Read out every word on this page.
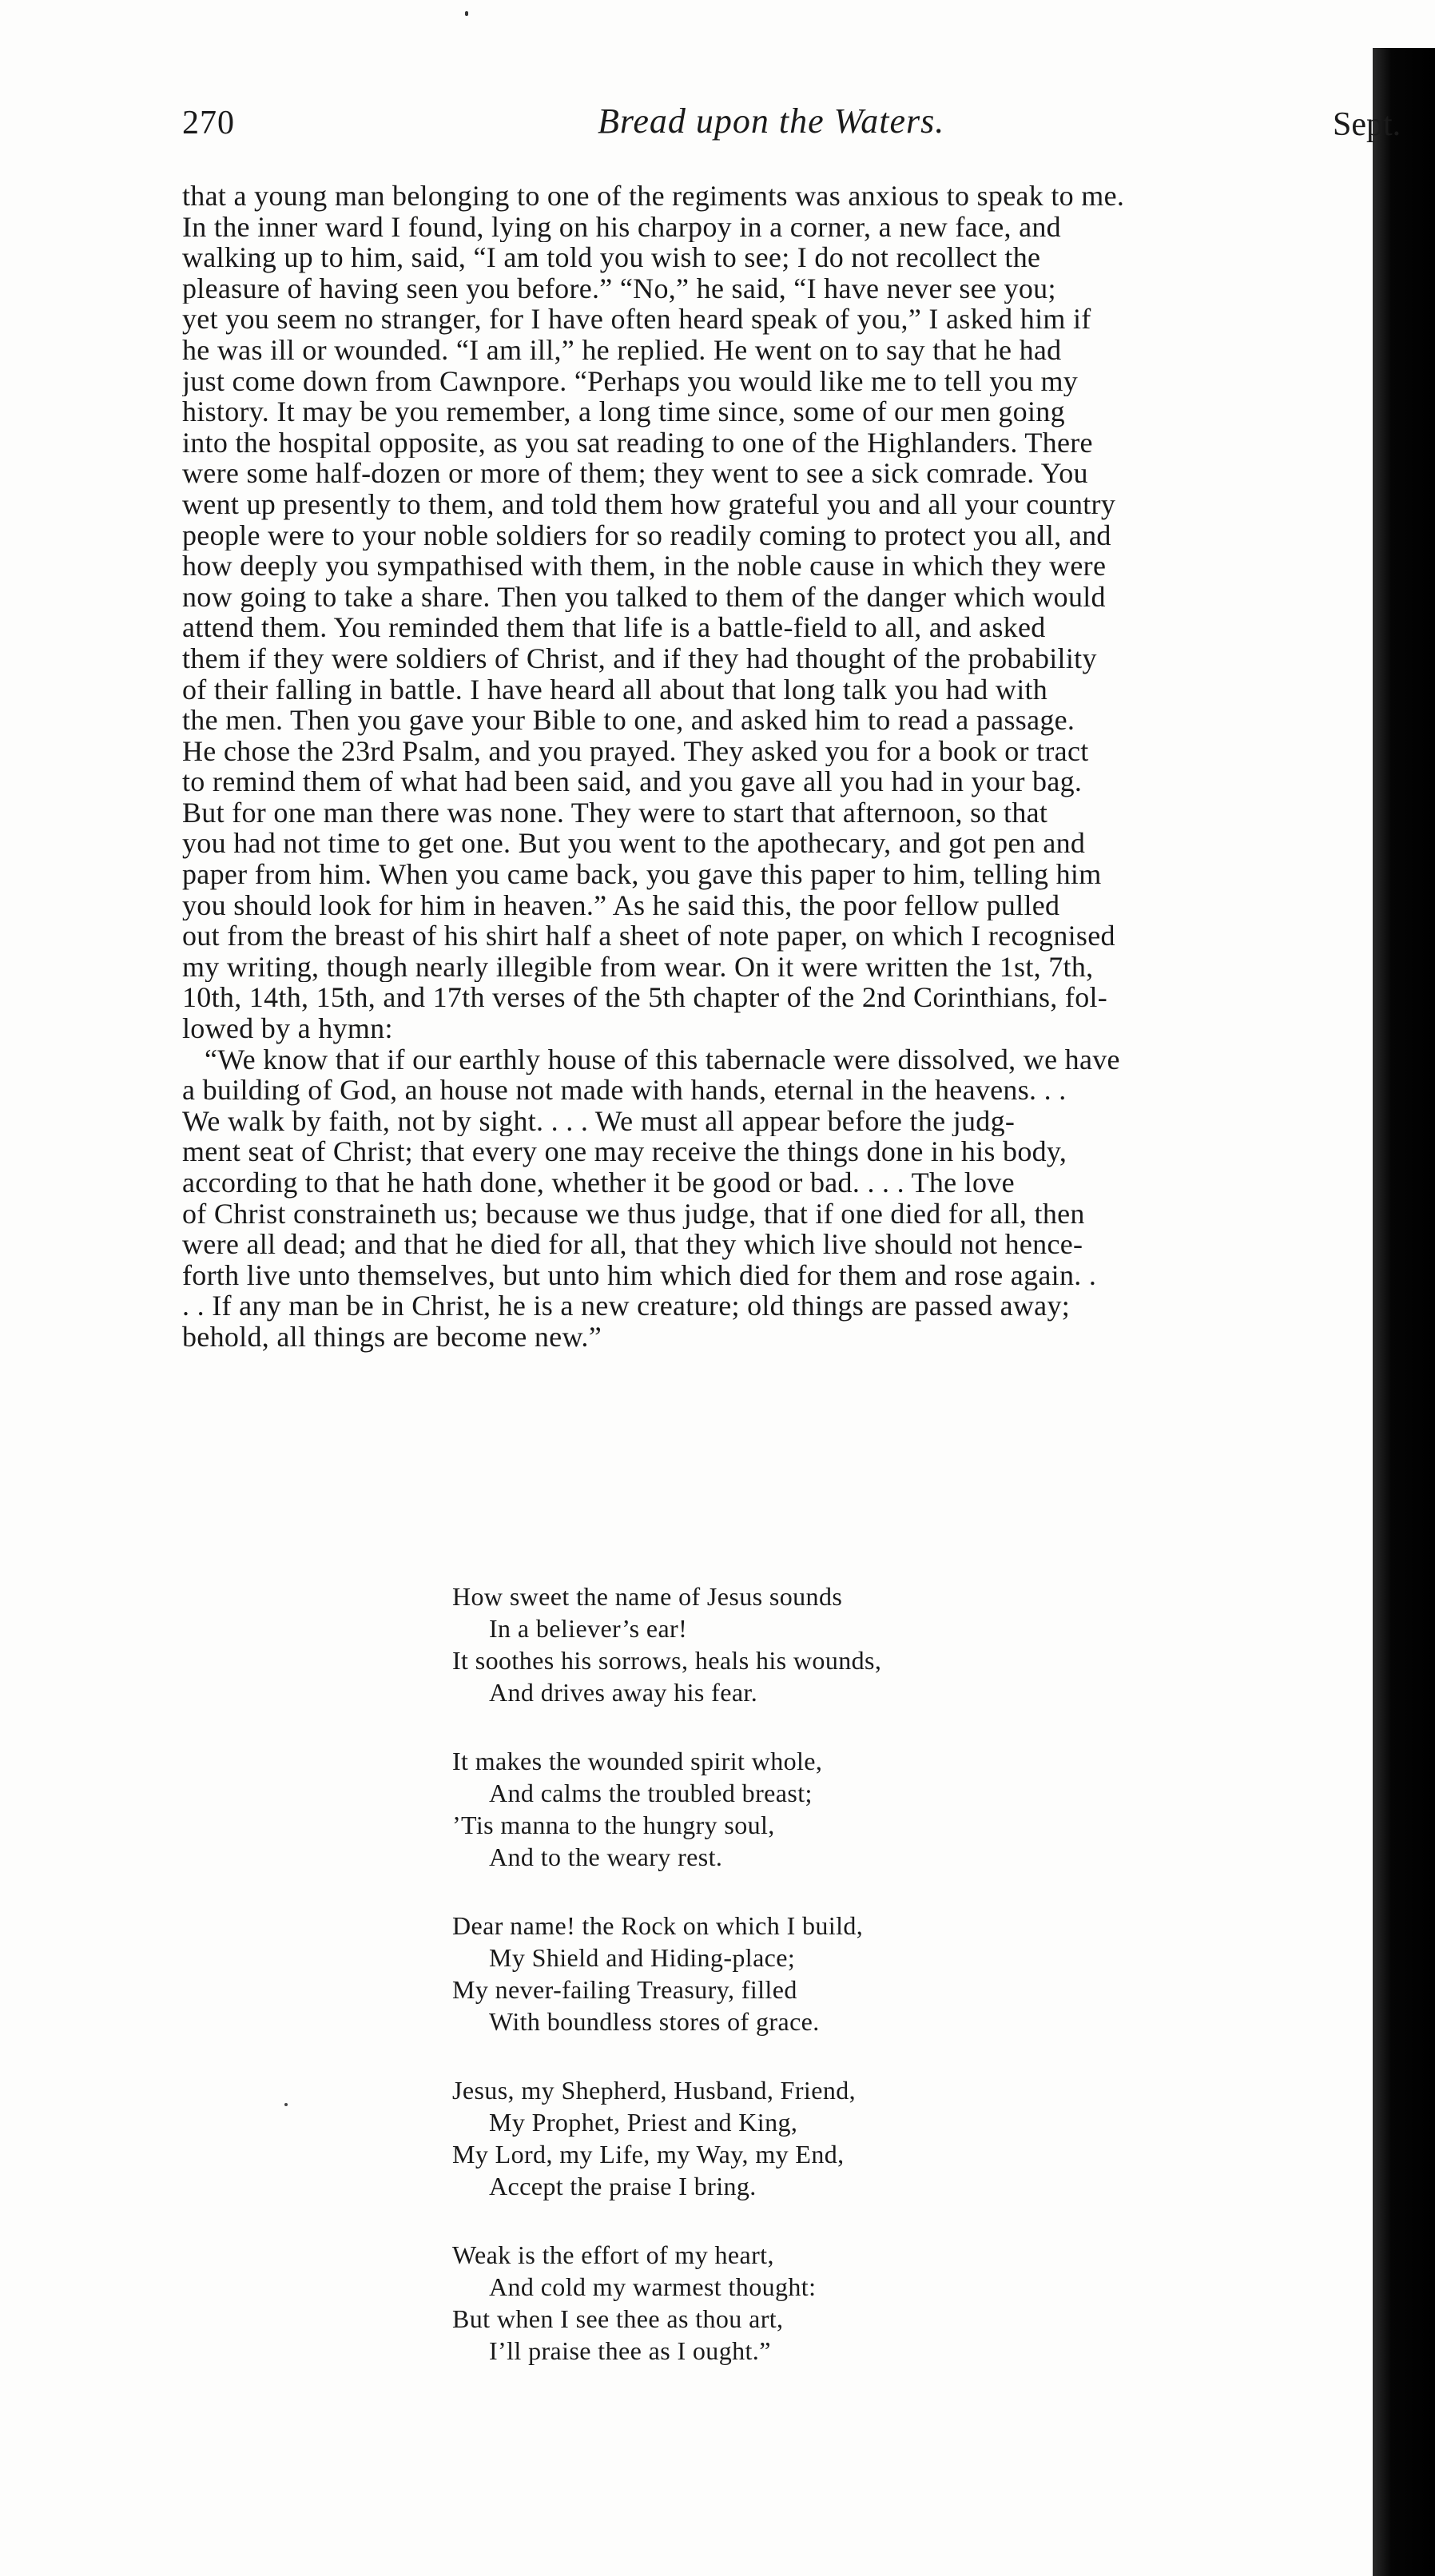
270	Bread upon the Waters.	Sept.
that a young man belonging to one of the regiments was anxious to speak to me.
In the inner ward I found, lying on his charpoy in a corner, a new face, and
walking up to him, said, “I am told you wish to see; I do not recollect the
pleasure of having seen you before.” “No,” he said, “I have never see you;
yet you seem no stranger, for I have often heard speak of you,” I asked him if
he was ill or wounded. “I am ill,” he replied. He went on to say that he had
just come down from Cawnpore. “Perhaps you would like me to tell you my
history. It may be you remember, a long time since, some of our men going
into the hospital opposite, as you sat reading to one of the Highlanders. There
were some half-dozen or more of them; they went to see a sick comrade. You
went up presently to them, and told them how grateful you and all your country
people were to your noble soldiers for so readily coming to protect you all, and
how deeply you sympathised with them, in the noble cause in which they were
now going to take a share. Then you talked to them of the danger which would
attend them. You reminded them that life is a battle-field to all, and asked
them if they were soldiers of Christ, and if they had thought of the probability
of their falling in battle. I have heard all about that long talk you had with
the men. Then you gave your Bible to one, and asked him to read a passage.
He chose the 23rd Psalm, and you prayed. They asked you for a book or tract
to remind them of what had been said, and you gave all you had in your bag.
But for one man there was none. They were to start that afternoon, so that
you had not time to get one. But you went to the apothecary, and got pen and
paper from him. When you came back, you gave this paper to him, telling him
you should look for him in heaven.” As he said this, the poor fellow pulled
out from the breast of his shirt half a sheet of note paper, on which I recognised
my writing, though nearly illegible from wear. On it were written the 1st, 7th,
10th, 14th, 15th, and 17th verses of the 5th chapter of the 2nd Corinthians, fol-
lowed by a hymn:
“We know that if our earthly house of this tabernacle were dissolved, we have
a building of God, an house not made with hands, eternal in the heavens. . .
We walk by faith, not by sight. . . . We must all appear before the judg-
ment seat of Christ; that every one may receive the things done in his body,
according to that he hath done, whether it be good or bad. . . . The love
of Christ constraineth us; because we thus judge, that if one died for all, then
were all dead; and that he died for all, that they which live should not hence-
forth live unto themselves, but unto him which died for them and rose again. .
. . If any man be in Christ, he is a new creature; old things are passed away;
behold, all things are become new.”
How sweet the name of Jesus sounds
In a believer’s ear!
It soothes his sorrows, heals his wounds,
And drives away his fear.
It makes the wounded spirit whole,
And calms the troubled breast;
’Tis manna to the hungry soul,
And to the weary rest.
Dear name! the Rock on which I build,
My Shield and Hiding-place;
My never-failing Treasury, filled
With boundless stores of grace.
Jesus, my Shepherd, Husband, Friend,
My Prophet, Priest and King,
My Lord, my Life, my Way, my End,
Accept the praise I bring.
Weak is the effort of my heart,
And cold my warmest thought:
But when I see thee as thou art,
I’ll praise thee as I ought.”
